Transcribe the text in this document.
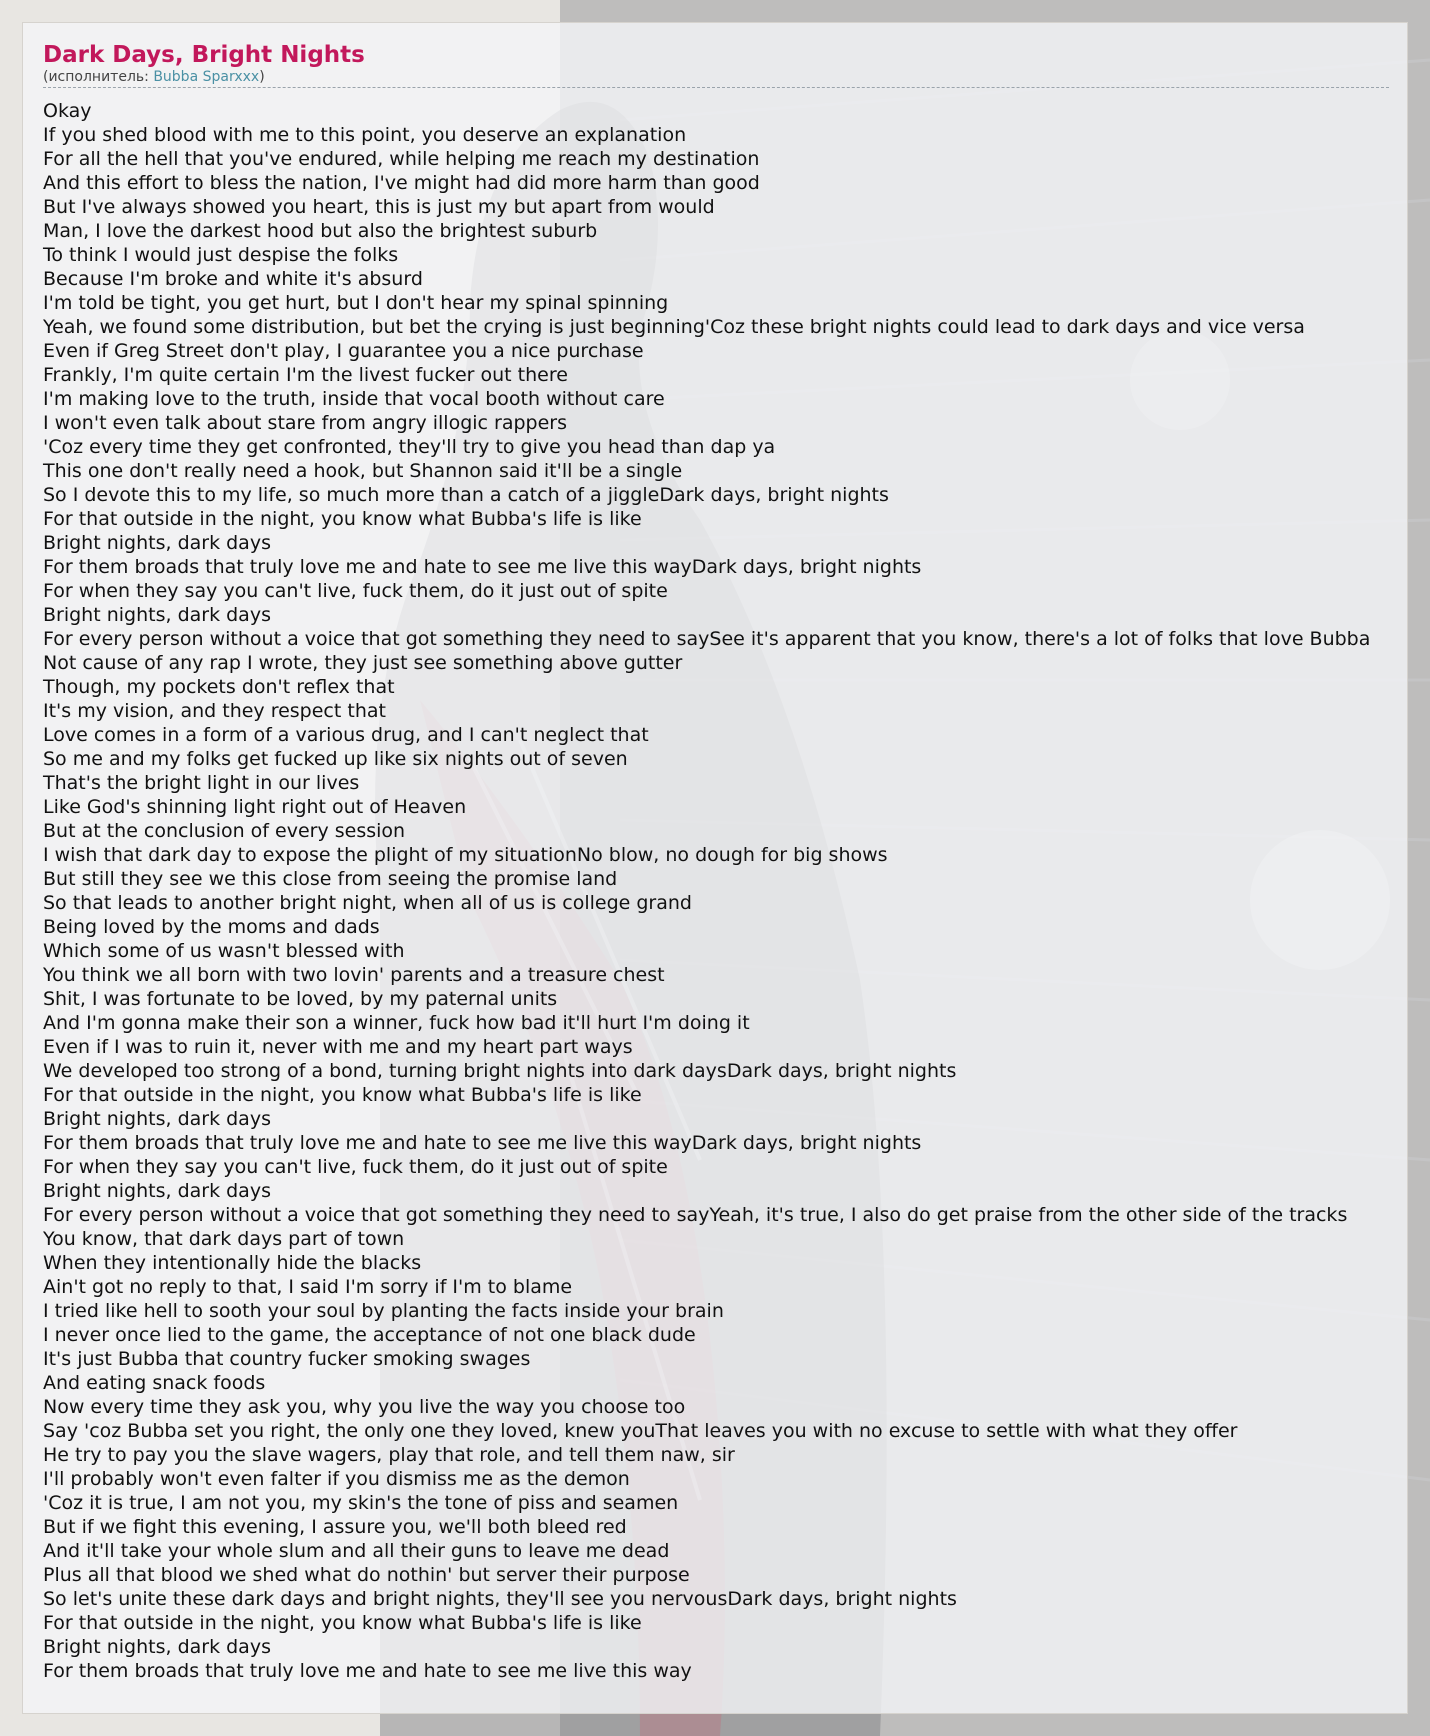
Dark Days, Bright Nights
(исполнитель: Bubba Sparxxx)
Okay
If you shed blood with me to this point, you deserve an explanation
For all the hell that you've endured, while helping me reach my destination
And this effort to bless the nation, I've might had did more harm than good
But I've always showed you heart, this is just my but apart from would
Man, I love the darkest hood but also the brightest suburb
To think I would just despise the folks
Because I'm broke and white it's absurd
I'm told be tight, you get hurt, but I don't hear my spinal spinning
Yeah, we found some distribution, but bet the crying is just beginning'Coz these bright nights could lead to dark days and vice versa
Even if Greg Street don't play, I guarantee you a nice purchase
Frankly, I'm quite certain I'm the livest fucker out there
I'm making love to the truth, inside that vocal booth without care
I won't even talk about stare from angry illogic rappers
'Coz every time they get confronted, they'll try to give you head than dap ya
This one don't really need a hook, but Shannon said it'll be a single
So I devote this to my life, so much more than a catch of a jiggleDark days, bright nights
For that outside in the night, you know what Bubba's life is like
Bright nights, dark days
For them broads that truly love me and hate to see me live this wayDark days, bright nights
For when they say you can't live, fuck them, do it just out of spite
Bright nights, dark days
For every person without a voice that got something they need to saySee it's apparent that you know, there's a lot of folks that love Bubba
Not cause of any rap I wrote, they just see something above gutter
Though, my pockets don't reflex that
It's my vision, and they respect that
Love comes in a form of a various drug, and I can't neglect that
So me and my folks get fucked up like six nights out of seven
That's the bright light in our lives
Like God's shinning light right out of Heaven
But at the conclusion of every session
I wish that dark day to expose the plight of my situationNo blow, no dough for big shows
But still they see we this close from seeing the promise land
So that leads to another bright night, when all of us is college grand
Being loved by the moms and dads
Which some of us wasn't blessed with
You think we all born with two lovin' parents and a treasure chest
Shit, I was fortunate to be loved, by my paternal units
And I'm gonna make their son a winner, fuck how bad it'll hurt I'm doing it
Even if I was to ruin it, never with me and my heart part ways
We developed too strong of a bond, turning bright nights into dark daysDark days, bright nights
For that outside in the night, you know what Bubba's life is like
Bright nights, dark days
For them broads that truly love me and hate to see me live this wayDark days, bright nights
For when they say you can't live, fuck them, do it just out of spite
Bright nights, dark days
For every person without a voice that got something they need to sayYeah, it's true, I also do get praise from the other side of the tracks
You know, that dark days part of town
When they intentionally hide the blacks
Ain't got no reply to that, I said I'm sorry if I'm to blame
I tried like hell to sooth your soul by planting the facts inside your brain
I never once lied to the game, the acceptance of not one black dude
It's just Bubba that country fucker smoking swages
And eating snack foods
Now every time they ask you, why you live the way you choose too
Say 'coz Bubba set you right, the only one they loved, knew youThat leaves you with no excuse to settle with what they offer
He try to pay you the slave wagers, play that role, and tell them naw, sir
I'll probably won't even falter if you dismiss me as the demon
'Coz it is true, I am not you, my skin's the tone of piss and seamen
But if we fight this evening, I assure you, we'll both bleed red
And it'll take your whole slum and all their guns to leave me dead
Plus all that blood we shed what do nothin' but server their purpose
So let's unite these dark days and bright nights, they'll see you nervousDark days, bright nights
For that outside in the night, you know what Bubba's life is like
Bright nights, dark days
For them broads that truly love me and hate to see me live this way
